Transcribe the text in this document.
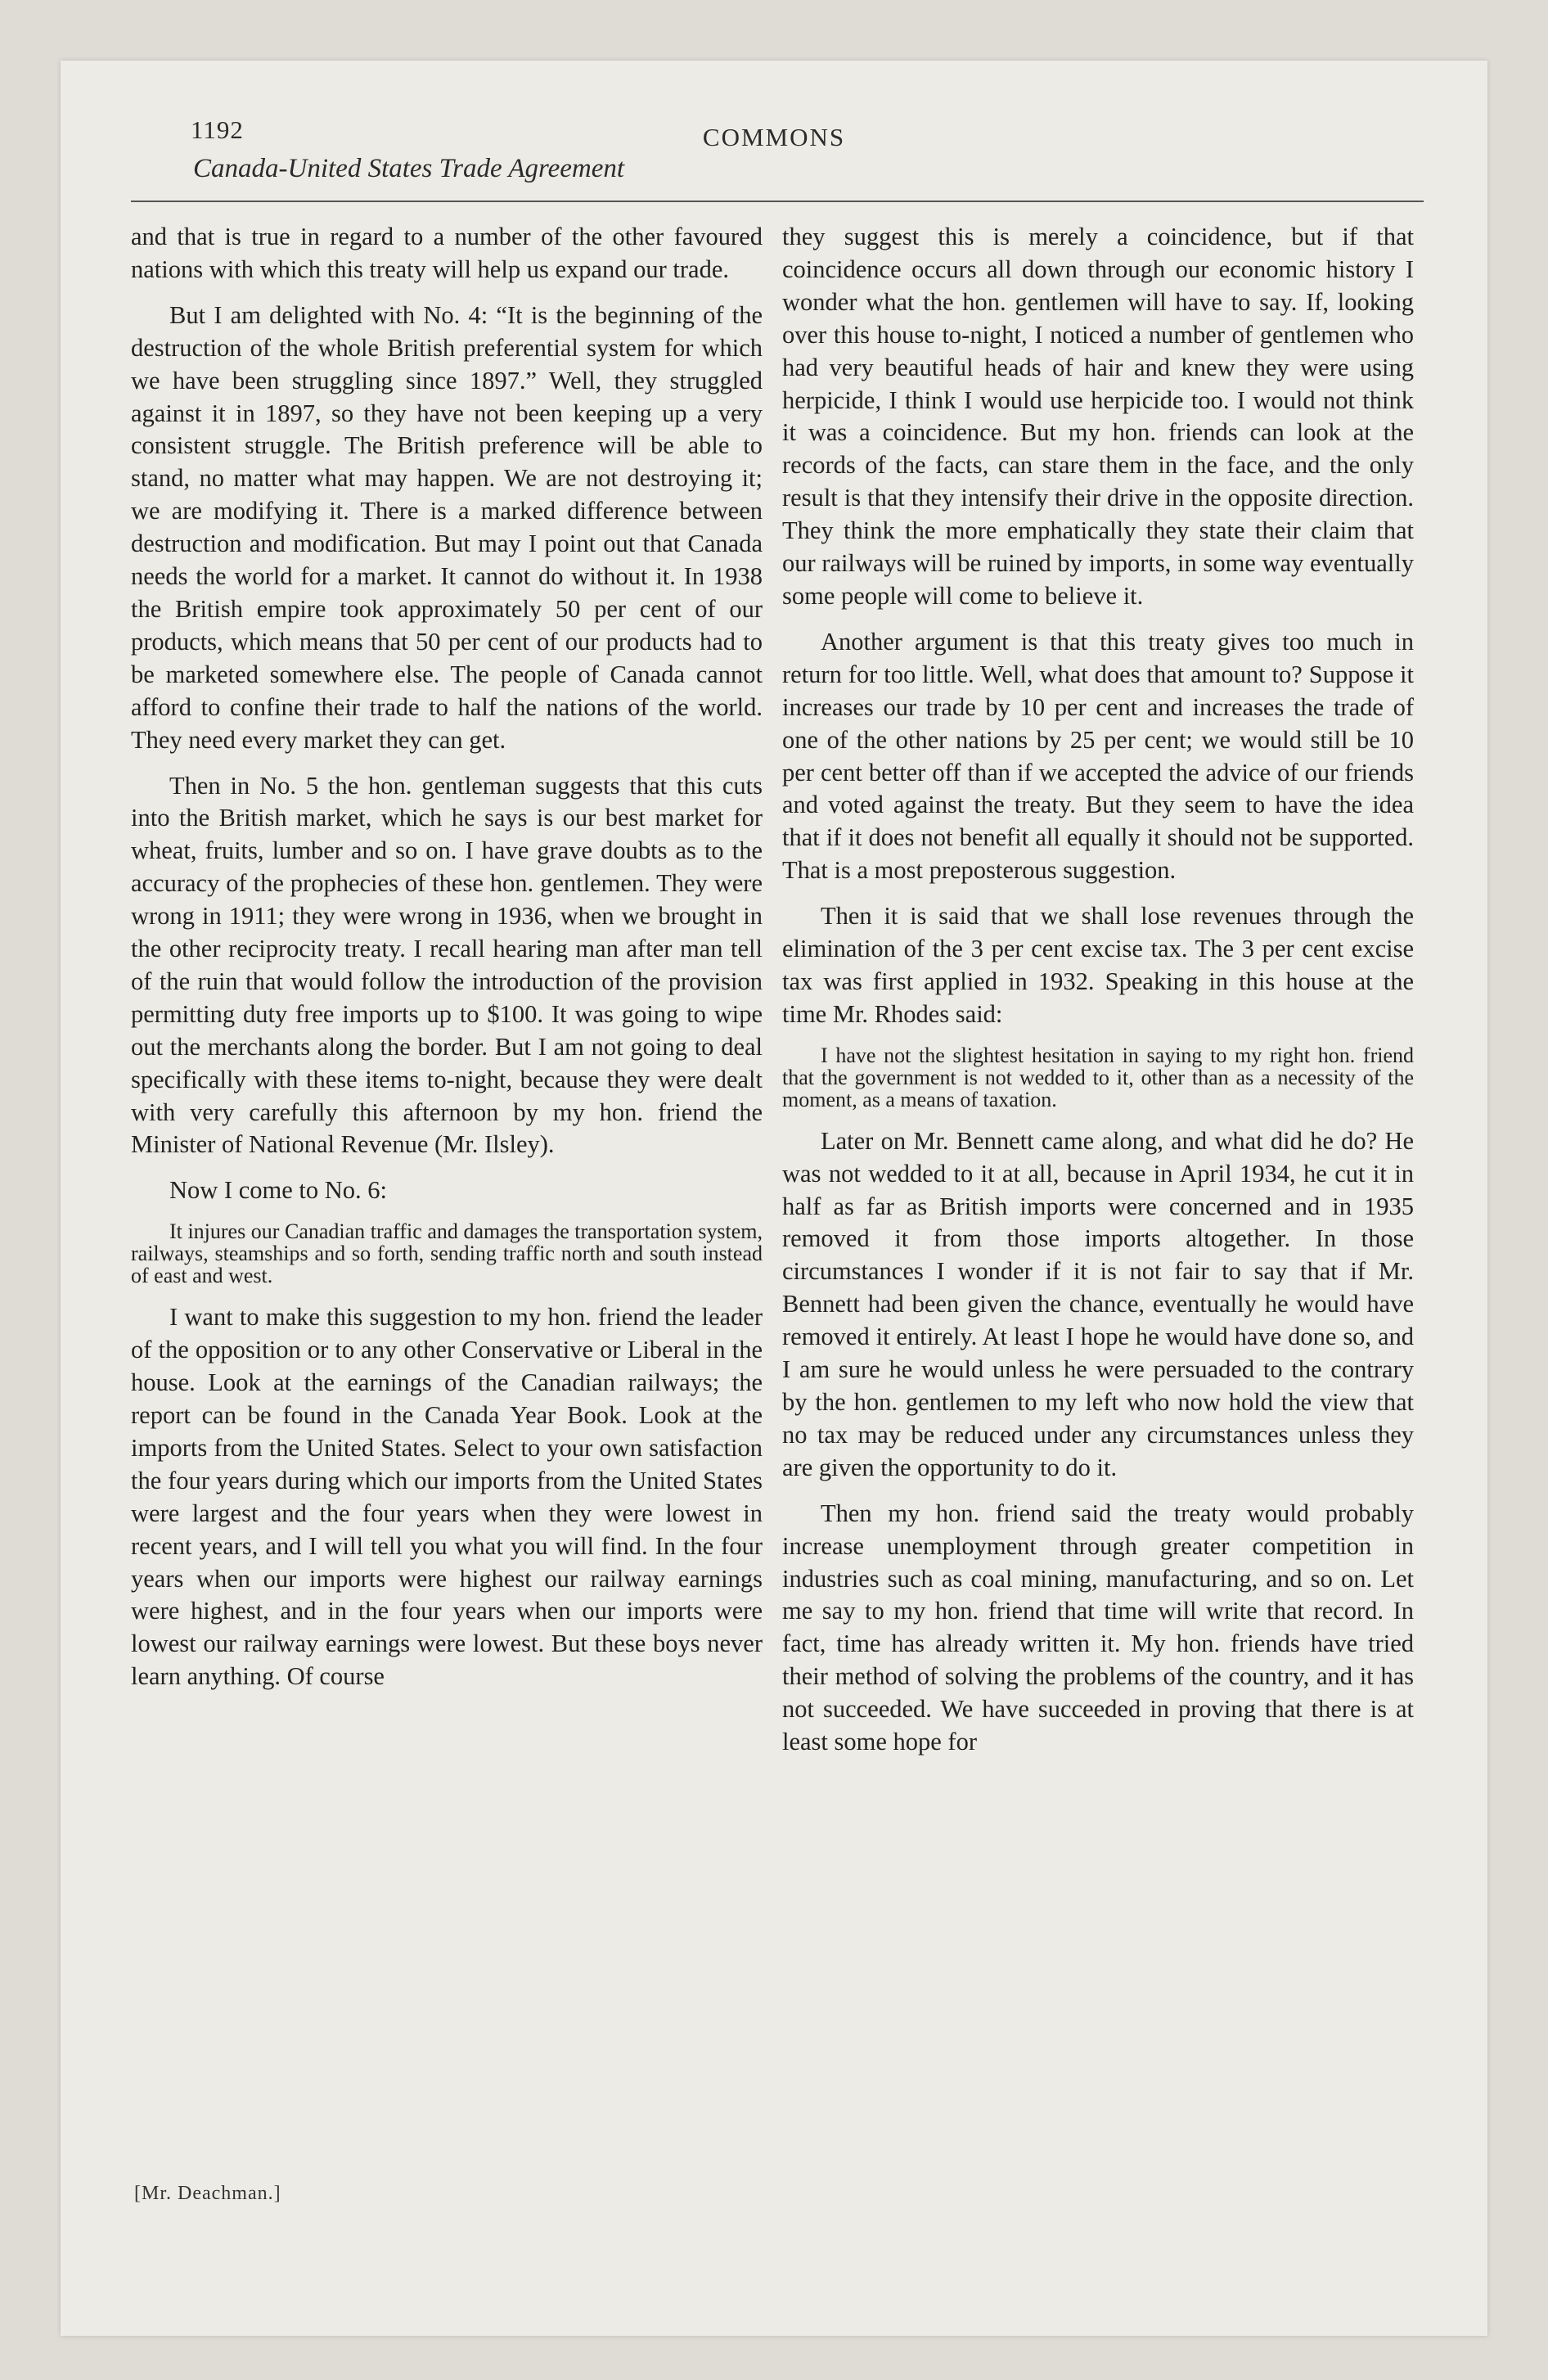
1192	COMMONS
Canada-United States Trade Agreement

and that is true in regard to a number of the other favoured nations with which this treaty will help us expand our trade.

But I am delighted with No. 4: “It is the beginning of the destruction of the whole British preferential system for which we have been struggling since 1897.” Well, they struggled against it in 1897, so they have not been keeping up a very consistent struggle. The British preference will be able to stand, no matter what may happen. We are not destroying it; we are modifying it. There is a marked difference between destruction and modification. But may I point out that Canada needs the world for a market. It cannot do without it. In 1938 the British empire took approximately 50 per cent of our products, which means that 50 per cent of our products had to be marketed somewhere else. The people of Canada cannot afford to confine their trade to half the nations of the world. They need every market they can get.

Then in No. 5 the hon. gentleman suggests that this cuts into the British market, which he says is our best market for wheat, fruits, lumber and so on. I have grave doubts as to the accuracy of the prophecies of these hon. gentlemen. They were wrong in 1911; they were wrong in 1936, when we brought in the other reciprocity treaty. I recall hearing man after man tell of the ruin that would follow the introduction of the provision permitting duty free imports up to $100. It was going to wipe out the merchants along the border. But I am not going to deal specifically with these items to-night, because they were dealt with very carefully this afternoon by my hon. friend the Minister of National Revenue (Mr. Ilsley).

Now I come to No. 6:

It injures our Canadian traffic and damages the transportation system, railways, steamships and so forth, sending traffic north and south instead of east and west.

I want to make this suggestion to my hon. friend the leader of the opposition or to any other Conservative or Liberal in the house. Look at the earnings of the Canadian railways; the report can be found in the Canada Year Book. Look at the imports from the United States. Select to your own satisfaction the four years during which our imports from the United States were largest and the four years when they were lowest in recent years, and I will tell you what you will find. In the four years when our imports were highest our railway earnings were highest, and in the four years when our imports were lowest our railway earnings were lowest. But these boys never learn anything. Of course

they suggest this is merely a coincidence, but if that coincidence occurs all down through our economic history I wonder what the hon. gentlemen will have to say. If, looking over this house to-night, I noticed a number of gentlemen who had very beautiful heads of hair and knew they were using herpicide, I think I would use herpicide too. I would not think it was a coincidence. But my hon. friends can look at the records of the facts, can stare them in the face, and the only result is that they intensify their drive in the opposite direction. They think the more emphatically they state their claim that our railways will be ruined by imports, in some way eventually some people will come to believe it.

Another argument is that this treaty gives too much in return for too little. Well, what does that amount to? Suppose it increases our trade by 10 per cent and increases the trade of one of the other nations by 25 per cent; we would still be 10 per cent better off than if we accepted the advice of our friends and voted against the treaty. But they seem to have the idea that if it does not benefit all equally it should not be supported. That is a most preposterous suggestion.

Then it is said that we shall lose revenues through the elimination of the 3 per cent excise tax. The 3 per cent excise tax was first applied in 1932. Speaking in this house at the time Mr. Rhodes said:

I have not the slightest hesitation in saying to my right hon. friend that the government is not wedded to it, other than as a necessity of the moment, as a means of taxation.

Later on Mr. Bennett came along, and what did he do? He was not wedded to it at all, because in April 1934, he cut it in half as far as British imports were concerned and in 1935 removed it from those imports altogether. In those circumstances I wonder if it is not fair to say that if Mr. Bennett had been given the chance, eventually he would have removed it entirely. At least I hope he would have done so, and I am sure he would unless he were persuaded to the contrary by the hon. gentlemen to my left who now hold the view that no tax may be reduced under any circumstances unless they are given the opportunity to do it.

Then my hon. friend said the treaty would probably increase unemployment through greater competition in industries such as coal mining, manufacturing, and so on. Let me say to my hon. friend that time will write that record. In fact, time has already written it. My hon. friends have tried their method of solving the problems of the country, and it has not succeeded. We have succeeded in proving that there is at least some hope for

[Mr. Deachman.]
